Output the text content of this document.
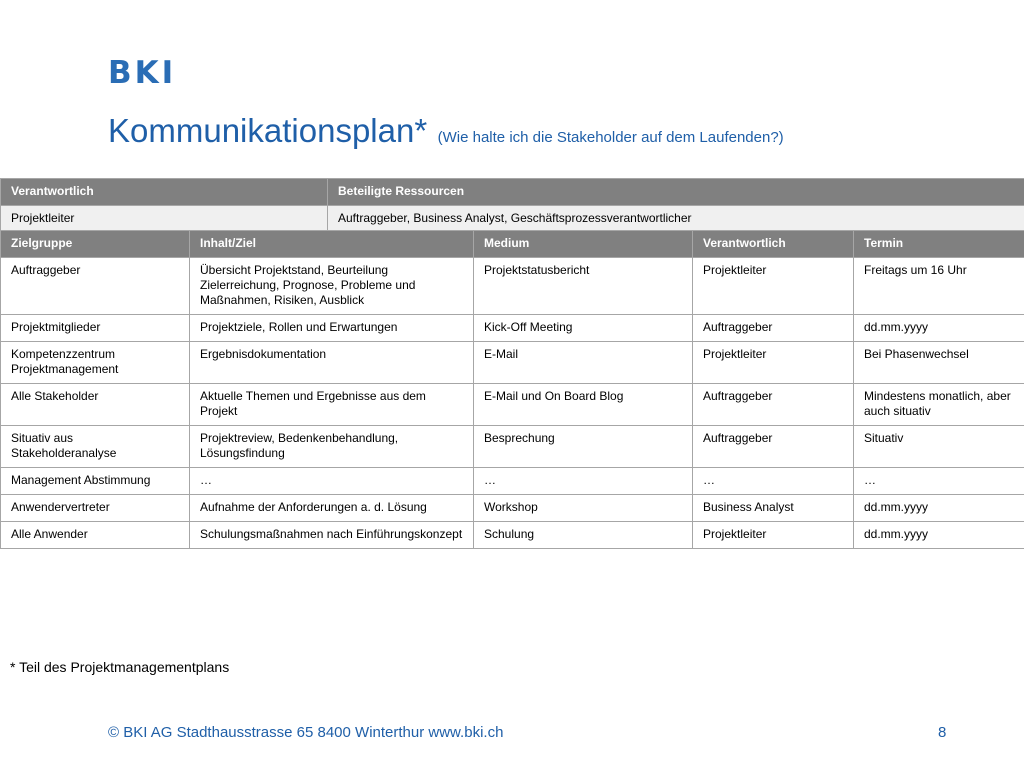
BKI
Kommunikationsplan* (Wie halte ich die Stakeholder auf dem Laufenden?)
Verantwortlich	Beteiligte Ressourcen
Projektleiter	Auftraggeber, Business Analyst, Geschäftsprozessverantwortlicher
Zielgruppe	Inhalt/Ziel	Medium	Verantwortlich	Termin
Auftraggeber	Übersicht Projektstand, Beurteilung Zielerreichung, Prognose, Probleme und Maßnahmen, Risiken, Ausblick	Projektstatusbericht	Projektleiter	Freitags um 16 Uhr
Projektmitglieder	Projektziele, Rollen und Erwartungen	Kick-Off Meeting	Auftraggeber	dd.mm.yyyy
Kompetenzzentrum Projektmanagement	Ergebnisdokumentation	E-Mail	Projektleiter	Bei Phasenwechsel
Alle Stakeholder	Aktuelle Themen und Ergebnisse aus dem Projekt	E-Mail und On Board Blog	Auftraggeber	Mindestens monatlich, aber auch situativ
Situativ aus Stakeholderanalyse	Projektreview, Bedenkenbehandlung, Lösungsfindung	Besprechung	Auftraggeber	Situativ
Management Abstimmung	…	…	…	…
Anwendervertreter	Aufnahme der Anforderungen a. d. Lösung	Workshop	Business Analyst	dd.mm.yyyy
Alle Anwender	Schulungsmaßnahmen nach Einführungskonzept	Schulung	Projektleiter	dd.mm.yyyy
* Teil des Projektmanagementplans
© BKI AG Stadthausstrasse 65 8400 Winterthur www.bki.ch	8
